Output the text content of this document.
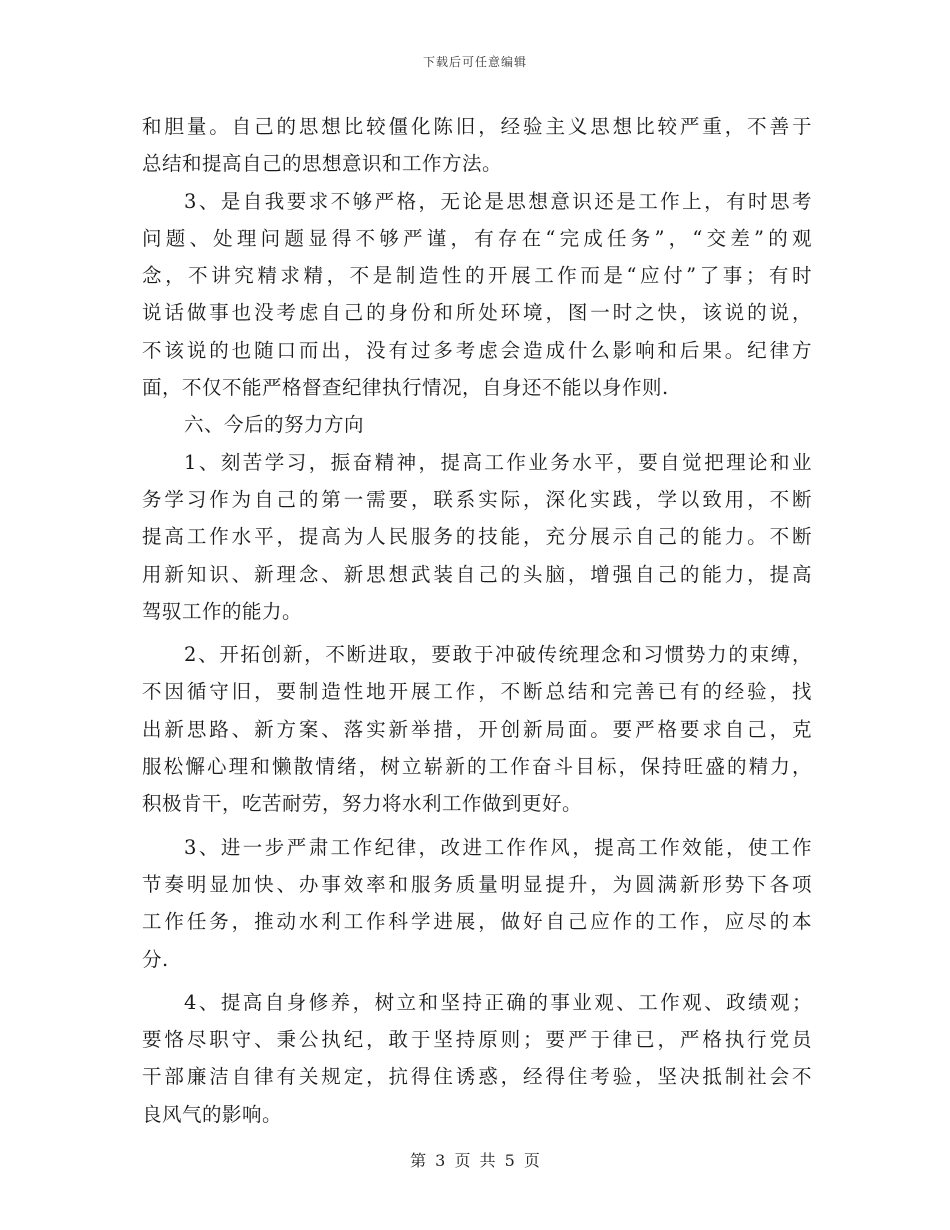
下载后可任意编辑
和胆量。自己的思想比较僵化陈旧，经验主义思想比较严重，不善于
总结和提高自己的思想意识和工作方法。
3、是自我要求不够严格，无论是思想意识还是工作上，有时思考
问题、处理问题显得不够严谨，有存在“完成任务”，“交差”的观
念，不讲究精求精，不是制造性的开展工作而是“应付”了事；有时
说话做事也没考虑自己的身份和所处环境，图一时之快，该说的说，
不该说的也随口而出，没有过多考虑会造成什么影响和后果。纪律方
面，不仅不能严格督查纪律执行情况，自身还不能以身作则.
六、今后的努力方向
1、刻苦学习，振奋精神，提高工作业务水平，要自觉把理论和业
务学习作为自己的第一需要，联系实际，深化实践，学以致用，不断
提高工作水平，提高为人民服务的技能，充分展示自己的能力。不断
用新知识、新理念、新思想武装自己的头脑，增强自己的能力，提高
驾驭工作的能力。
2、开拓创新，不断进取，要敢于冲破传统理念和习惯势力的束缚，
不因循守旧，要制造性地开展工作，不断总结和完善已有的经验，找
出新思路、新方案、落实新举措，开创新局面。要严格要求自己，克
服松懈心理和懒散情绪，树立崭新的工作奋斗目标，保持旺盛的精力，
积极肯干，吃苦耐劳，努力将水利工作做到更好。
3、进一步严肃工作纪律，改进工作作风，提高工作效能，使工作
节奏明显加快、办事效率和服务质量明显提升，为圆满新形势下各项
工作任务，推动水利工作科学进展，做好自己应作的工作，应尽的本
分.
4、提高自身修养，树立和坚持正确的事业观、工作观、政绩观；
要恪尽职守、秉公执纪，敢于坚持原则；要严于律已，严格执行党员
干部廉洁自律有关规定，抗得住诱惑，经得住考验，坚决抵制社会不
良风气的影响。
第 3 页 共 5 页
